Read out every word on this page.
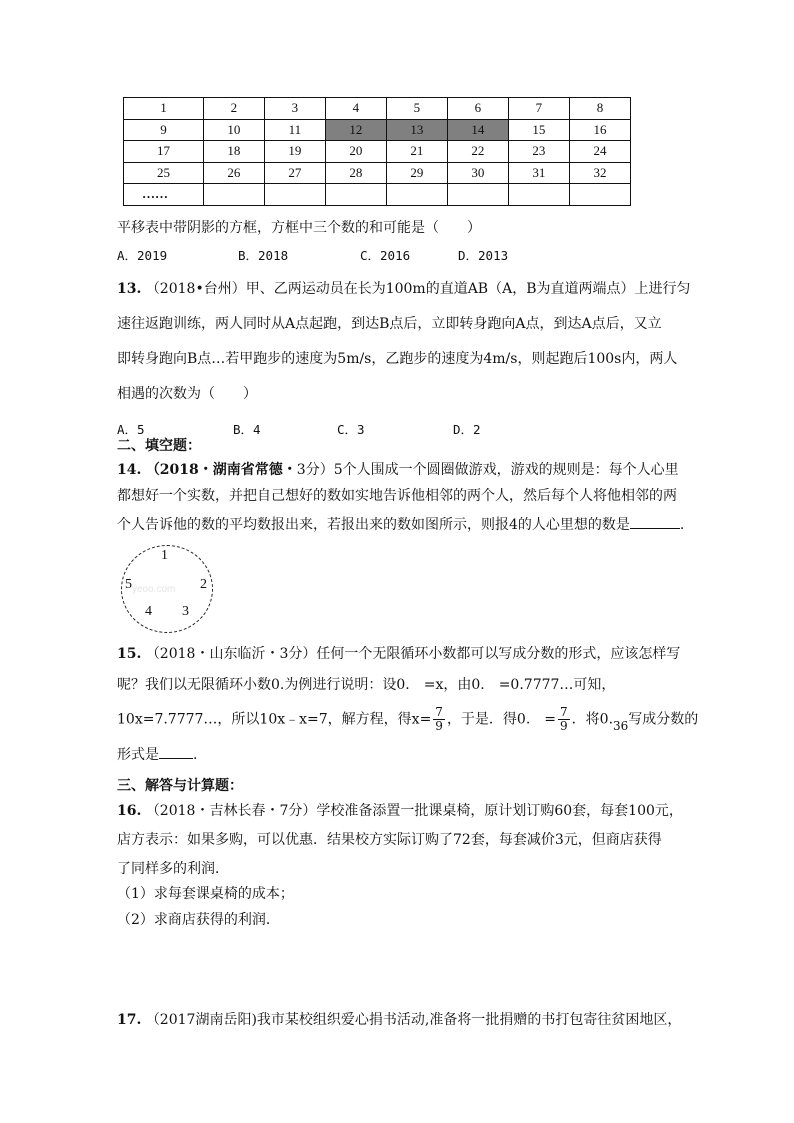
1	2	3	4	5	6	7	8
9	10	11	12	13	14	15	16
17	18	19	20	21	22	23	24
25	26	27	28	29	30	31	32
……							
平移表中带阴影的方框，方框中三个数的和可能是（　　）
A．2019	B．2018	C．2016	D．2013
13. （2018•台州）甲、乙两运动员在长为100m的直道AB（A，B为直道两端点）上进行匀
速往返跑训练，两人同时从A点起跑，到达B点后，立即转身跑向A点，到达A点后，又立
即转身跑向B点…若甲跑步的速度为5m/s，乙跑步的速度为4m/s，则起跑后100s内，两人
相遇的次数为（　　）
A．5	B．4	C．3	D．2
二、填空题：
14. （2018・湖南省常德・3分）5个人围成一个圆圈做游戏，游戏的规则是：每个人心里
都想好一个实数，并把自己想好的数如实地告诉他相邻的两个人，然后每个人将他相邻的两
个人告诉他的数的平均数报出来，若报出来的数如图所示，则报4的人心里想的数是	.
1
2
3
4
5 yeoo.com
15. （2018・山东临沂・3分）任何一个无限循环小数都可以写成分数的形式，应该怎样写
呢？我们以无限循环小数0.为例进行说明：设0.　=x，由0.　=0.7777…可知，
10x=7.7777…，所以10x﹣x=7，解方程，得$x= \frac{7}{9}$ ，于是．得0.　= $\frac{7}{9}$ ．将0.36写成分数的
形式是 .
三、解答与计算题：
16. （2018・吉林长春・7分）学校准备添置一批课桌椅，原计划订购60套，每套100元，
店方表示：如果多购，可以优惠．结果校方实际订购了72套，每套减价3元，但商店获得
了同样多的利润．
（1）求每套课桌椅的成本；
（2）求商店获得的利润．
17. （2017湖南岳阳)我市某校组织爱心捐书活动,准备将一批捐赠的书打包寄往贫困地区，
